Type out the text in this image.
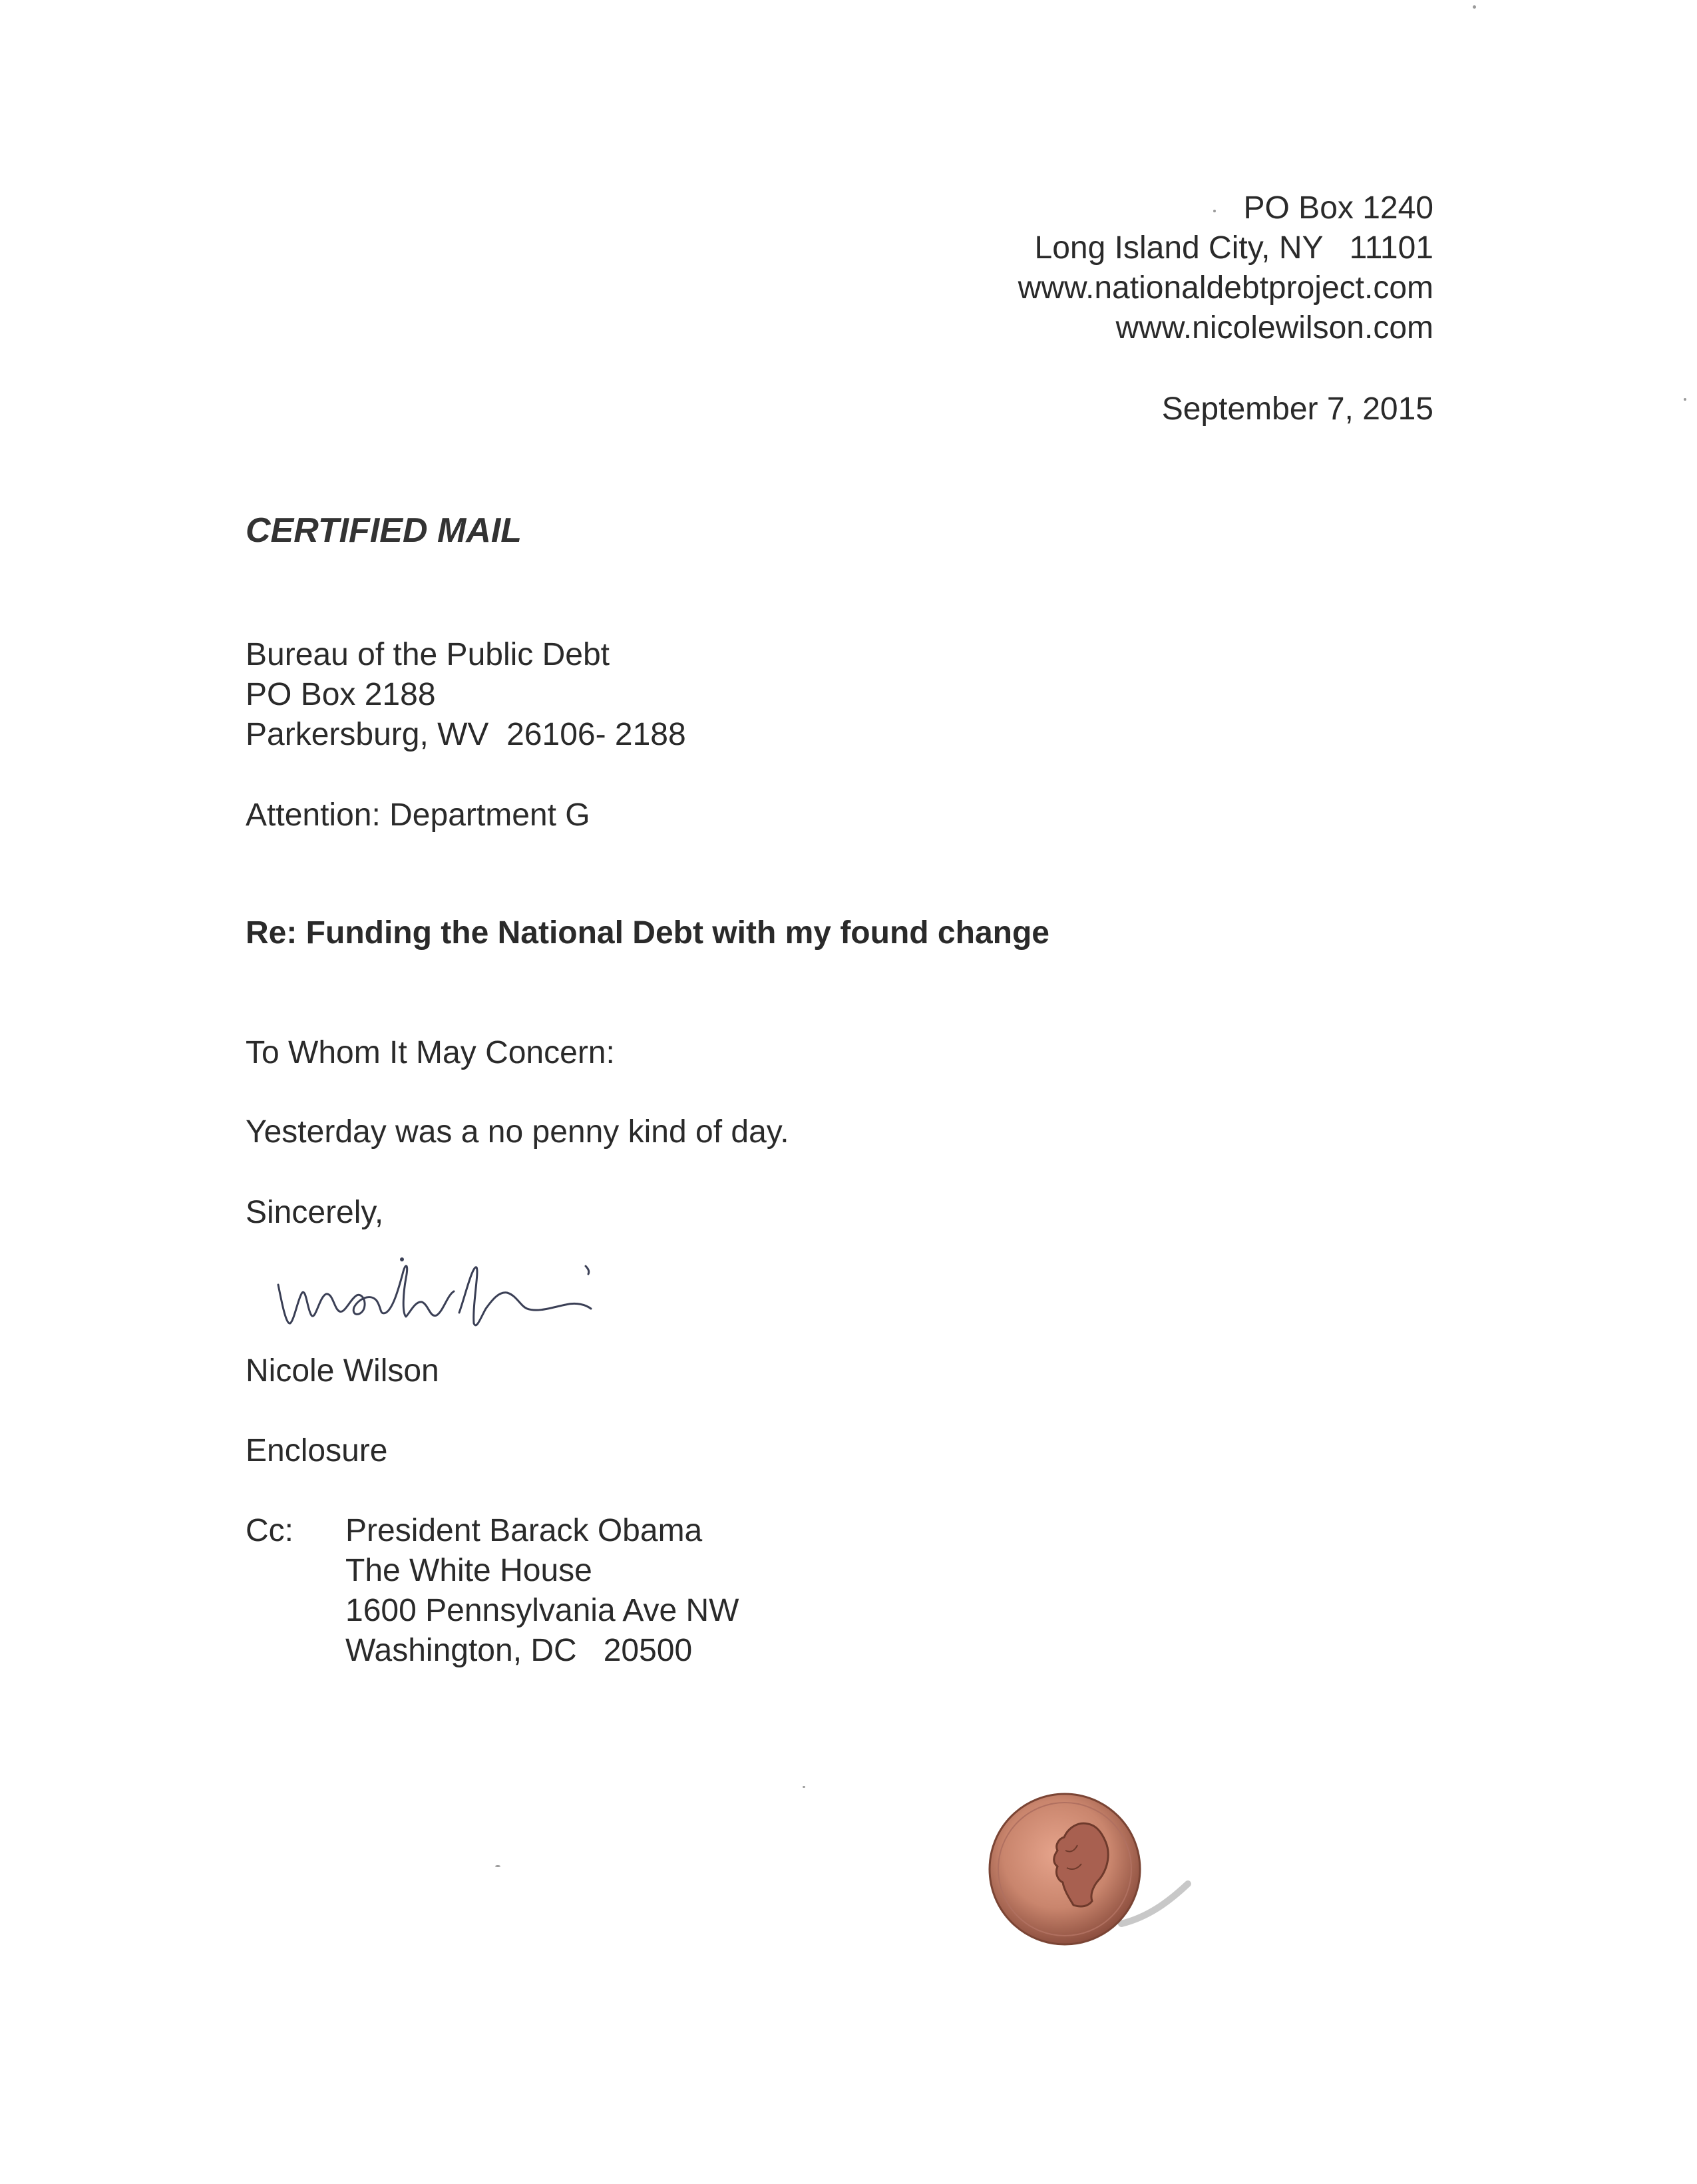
PO Box 1240
Long Island City, NY   11101
www.nationaldebtproject.com
www.nicolewilson.com
September 7, 2015
CERTIFIED MAIL
Bureau of the Public Debt
PO Box 2188
Parkersburg, WV  26106- 2188
Attention: Department G
Re: Funding the National Debt with my found change
To Whom It May Concern:
Yesterday was a no penny kind of day.
Sincerely,
Nicole Wilson
Enclosure
Cc: President Barack Obama
The White House
1600 Pennsylvania Ave NW
Washington, DC   20500
